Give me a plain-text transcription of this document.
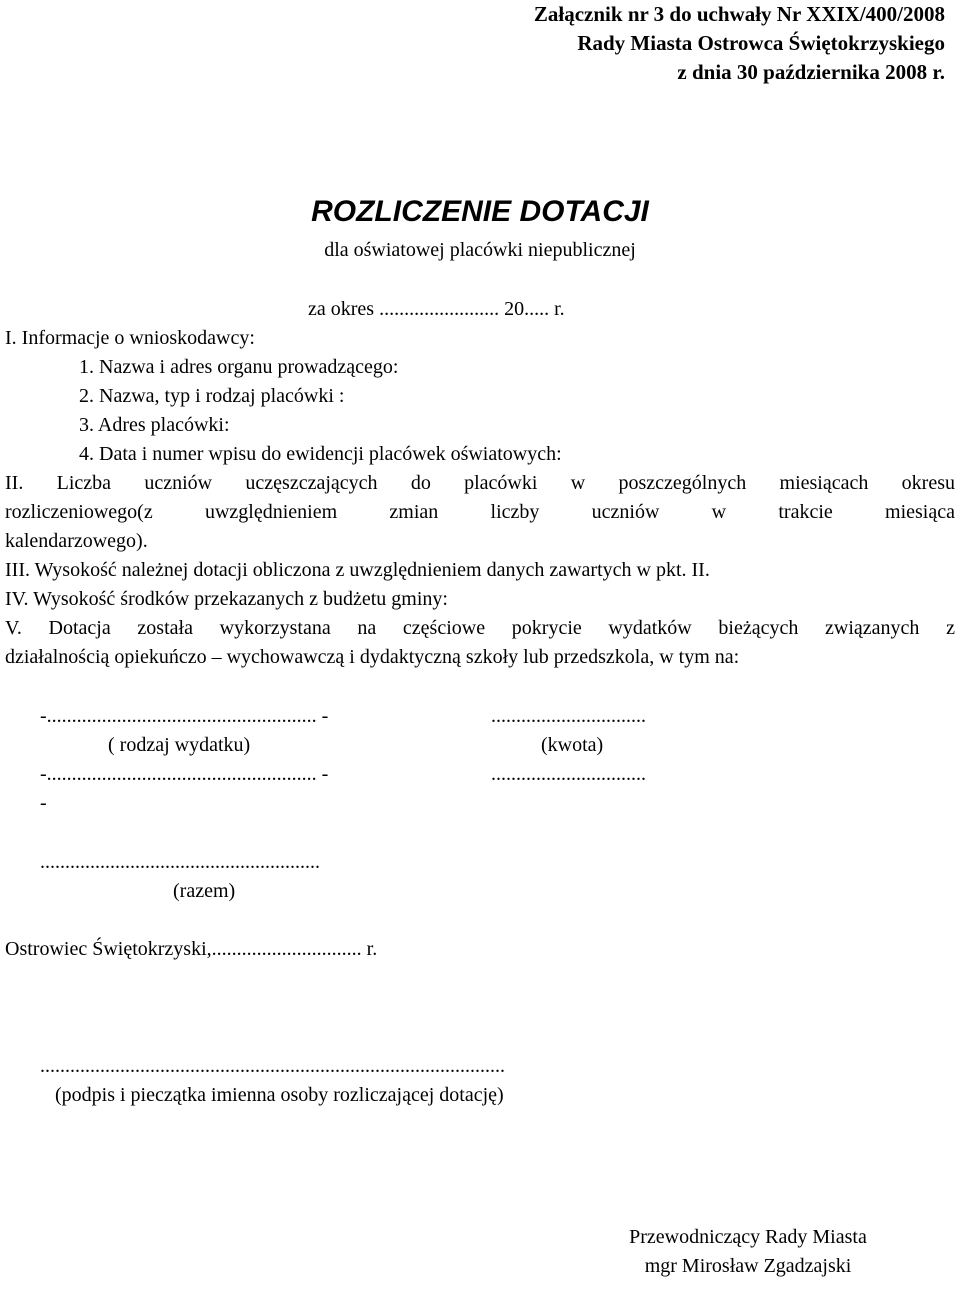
Załącznik nr 3 do uchwały Nr XXIX/400/2008
Rady Miasta Ostrowca Świętokrzyskiego
z dnia 30 października 2008 r.
ROZLICZENIE DOTACJI
dla oświatowej placówki niepublicznej
za okres ........................ 20..... r.
I. Informacje o wnioskodawcy:
1. Nazwa i adres organu prowadzącego:
2. Nazwa, typ i rodzaj placówki :
3. Adres placówki:
4. Data i numer wpisu do ewidencji placówek oświatowych:
II. Liczba uczniów uczęszczających do placówki w poszczególnych miesiącach okresu
rozliczeniowego(z uwzględnieniem zmian liczby uczniów w trakcie miesiąca
kalendarzowego).
III. Wysokość należnej dotacji obliczona z uwzględnieniem danych zawartych w pkt. II.
IV. Wysokość środków przekazanych z budżetu gminy:
V. Dotacja została wykorzystana na częściowe pokrycie wydatków bieżących związanych z
działalnością opiekuńczo – wychowawczą i dydaktyczną szkoły lub przedszkola, w tym na:
-...................................................... -	...............................
( rodzaj wydatku)	(kwota)
-...................................................... -	...............................
-
........................................................
(razem)
Ostrowiec Świętokrzyski,.............................. r.
.............................................................................................
(podpis i pieczątka imienna osoby rozliczającej dotację)
Przewodniczący Rady Miasta
mgr Mirosław Zgadzajski
